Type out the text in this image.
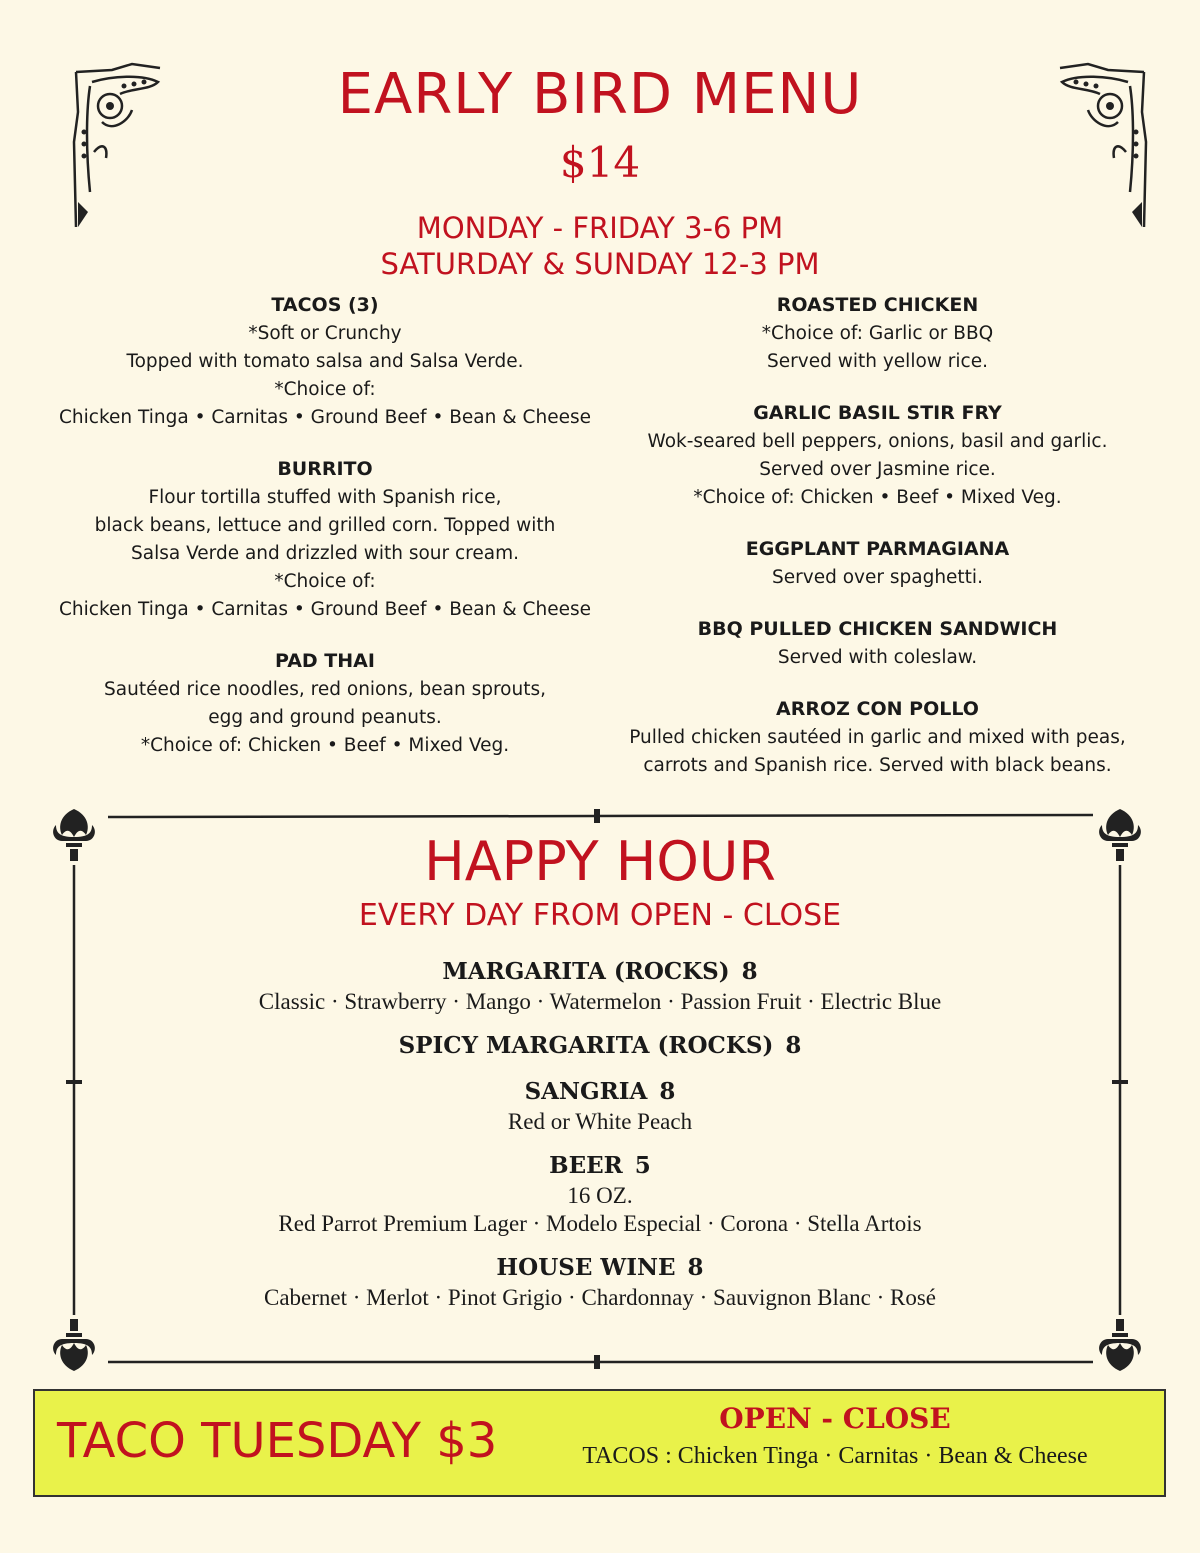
EARLY BIRD MENU
$14
MONDAY - FRIDAY 3-6 PM
SATURDAY & SUNDAY 12-3 PM
TACOS (3)
*Soft or Crunchy
Topped with tomato salsa and Salsa Verde.
*Choice of:
Chicken Tinga • Carnitas • Ground Beef • Bean & Cheese
BURRITO
Flour tortilla stuffed with Spanish rice,
black beans, lettuce and grilled corn. Topped with
Salsa Verde and drizzled with sour cream.
*Choice of:
Chicken Tinga • Carnitas • Ground Beef • Bean & Cheese
PAD THAI
Sautéed rice noodles, red onions, bean sprouts,
egg and ground peanuts.
*Choice of: Chicken • Beef • Mixed Veg.
ROASTED CHICKEN
*Choice of: Garlic or BBQ
Served with yellow rice.
GARLIC BASIL STIR FRY
Wok-seared bell peppers, onions, basil and garlic.
Served over Jasmine rice.
*Choice of: Chicken • Beef • Mixed Veg.
EGGPLANT PARMAGIANA
Served over spaghetti.
BBQ PULLED CHICKEN SANDWICH
Served with coleslaw.
ARROZ CON POLLO
Pulled chicken sautéed in garlic and mixed with peas,
carrots and Spanish rice. Served with black beans.
HAPPY HOUR
EVERY DAY FROM OPEN - CLOSE
MARGARITA (ROCKS) 8
Classic · Strawberry · Mango · Watermelon · Passion Fruit · Electric Blue
SPICY MARGARITA (ROCKS) 8
SANGRIA 8
Red or White Peach
BEER 5
16 OZ.
Red Parrot Premium Lager · Modelo Especial · Corona · Stella Artois
HOUSE WINE 8
Cabernet · Merlot · Pinot Grigio · Chardonnay · Sauvignon Blanc · Rosé
TACO TUESDAY $3	OPEN - CLOSE
TACOS : Chicken Tinga · Carnitas · Bean & Cheese
